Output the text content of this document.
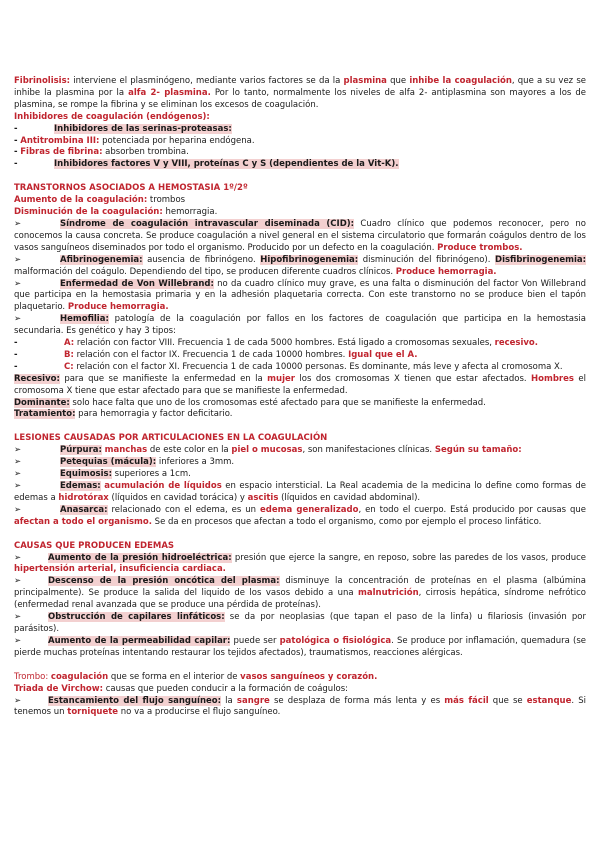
Fibrinolisis: interviene el plasminógeno, mediante varios factores se da la plasmina que inhibe la coagulación, que a su vez se inhibe la plasmina por la alfa 2- plasmina. Por lo tanto, normalmente los niveles de alfa 2- antiplasmina son mayores a los de plasmina, se rompe la fibrina y se eliminan los excesos de coagulación.

Inhibidores de coagulación (endógenos):

-	Inhibidores de las serinas-proteasas:

- Antitrombina III: potenciada por heparina endógena.

- Fibras de fibrina: absorben trombina.

-	Inhibidores factores V y VIII, proteínas C y S (dependientes de la Vit-K).

TRANSTORNOS ASOCIADOS A HEMOSTASIA 1º/2º

Aumento de la coagulación: trombos

Disminución de la coagulación: hemorragia.

➢	Síndrome de coagulación intravascular diseminada (CID): Cuadro clínico que podemos reconocer, pero no conocemos la causa concreta. Se produce coagulación a nivel general en el sistema circulatorio que formarán coágulos dentro de los vasos sanguíneos diseminados por todo el organismo. Producido por un defecto en la coagulación. Produce trombos.

➢	Afibrinogenemia: ausencia de fibrinógeno. Hipofibrinogenemia: disminución del fibrinógeno). Disfibrinogenemia: malformación del coágulo. Dependiendo del tipo, se producen diferente cuadros clínicos. Produce hemorragia.

➢	Enfermedad de Von Willebrand: no da cuadro clínico muy grave, es una falta o disminución del factor Von Willebrand que participa en la hemostasia primaria y en la adhesión plaquetaria correcta. Con este transtorno no se produce bien el tapón plaquetario. Produce hemorragia.

➢	Hemofilia: patología de la coagulación por fallos en los factores de coagulación que participa en la hemostasia secundaria. Es genético y hay 3 tipos:

-	A: relación con factor VIII. Frecuencia 1 de cada 5000 hombres. Está ligado a cromosomas sexuales, recesivo.

-	B: relación con el factor IX. Frecuencia 1 de cada 10000 hombres. Igual que el A.

-	C: relación con el factor XI. Frecuencia 1 de cada 10000 personas. Es dominante, más leve y afecta al cromosoma X.

Recesivo: para que se manifieste la enfermedad en la mujer los dos cromosomas X tienen que estar afectados. Hombres el cromosoma X tiene que estar afectado para que se manifieste la enfermedad.

Dominante: solo hace falta que uno de los cromosomas esté afectado para que se manifieste la enfermedad.

Tratamiento: para hemorragia y factor deficitario.

LESIONES CAUSADAS POR ARTICULACIONES EN LA COAGULACIÓN

➢	Púrpura: manchas de este color en la piel o mucosas, son manifestaciones clínicas. Según su tamaño:

➢	Petequias (mácula): inferiores a 3mm.

➢	Equimosis: superiores a 1cm.

➢	Edemas: acumulación de líquidos en espacio intersticial. La Real academia de la medicina lo define como formas de edemas a hidrotórax (líquidos en cavidad torácica) y ascitis (líquidos en cavidad abdominal).

➢	Anasarca: relacionado con el edema, es un edema generalizado, en todo el cuerpo. Está producido por causas que afectan a todo el organismo. Se da en procesos que afectan a todo el organismo, como por ejemplo el proceso linfático.

CAUSAS QUE PRODUCEN EDEMAS

➢	Aumento de la presión hidroeléctrica: presión que ejerce la sangre, en reposo, sobre las paredes de los vasos, produce hipertensión arterial, insuficiencia cardiaca.

➢	Descenso de la presión oncótica del plasma: disminuye la concentración de proteínas en el plasma (albúmina principalmente). Se produce la salida del liquido de los vasos debido a una malnutrición, cirrosis hepática, síndrome nefrótico (enfermedad renal avanzada que se produce una pérdida de proteínas).

➢	Obstrucción de capilares linfáticos: se da por neoplasias (que tapan el paso de la linfa) u filariosis (invasión por parásitos).

➢	Aumento de la permeabilidad capilar: puede ser patológica o fisiológica. Se produce por inflamación, quemadura (se pierde muchas proteínas intentando restaurar los tejidos afectados), traumatismos, reacciones alérgicas.

Trombo: coagulación que se forma en el interior de vasos sanguíneos y corazón.

Triada de Virchow: causas que pueden conducir a la formación de coágulos:

➢	Estancamiento del flujo sanguíneo: la sangre se desplaza de forma más lenta y es más fácil que se estanque. Si tenemos un torniquete no va a producirse el flujo sanguíneo.
